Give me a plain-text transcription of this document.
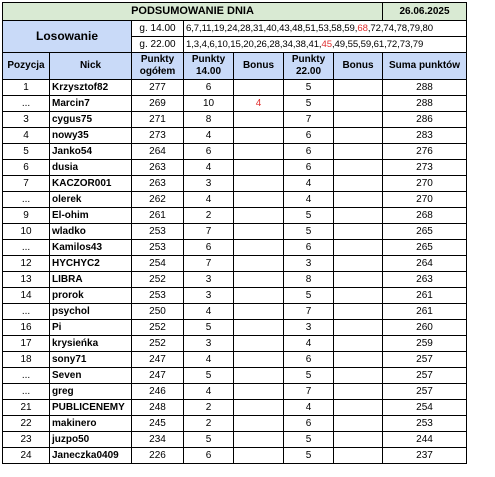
PODSUMOWANIE DNIA							26.06.2025
Losowanie		g. 14.00	6,7,11,19,24,28,31,40,43,48,51,53,58,59,68,72,74,78,79,80				
		g. 22.00	1,3,4,6,10,15,20,26,28,34,38,41,45,49,55,59,61,72,73,79				
Pozycja	Nick	Punkty ogółem	Punkty 14.00	Bonus	Punkty 22.00	Bonus	Suma punktów
1	Krzysztof82	277	6		5		288
...	Marcin7	269	10	4	5		288
3	cygus75	271	8		7		286
4	nowy35	273	4		6		283
5	Janko54	264	6		6		276
6	dusia	263	4		6		273
7	KACZOR001	263	3		4		270
...	olerek	262	4		4		270
9	El-ohim	261	2		5		268
10	wladko	253	7		5		265
...	Kamilos43	253	6		6		265
12	HYCHYC2	254	7		3		264
13	LIBRA	252	3		8		263
14	prorok	253	3		5		261
...	psychol	250	4		7		261
16	Pi	252	5		3		260
17	krysieńka	252	3		4		259
18	sony71	247	4		6		257
...	Seven	247	5		5		257
...	greg	246	4		7		257
21	PUBLICENEMY	248	2		4		254
22	makinero	245	2		6		253
23	juzpo50	234	5		5		244
24	Janeczka0409	226	6		5		237
